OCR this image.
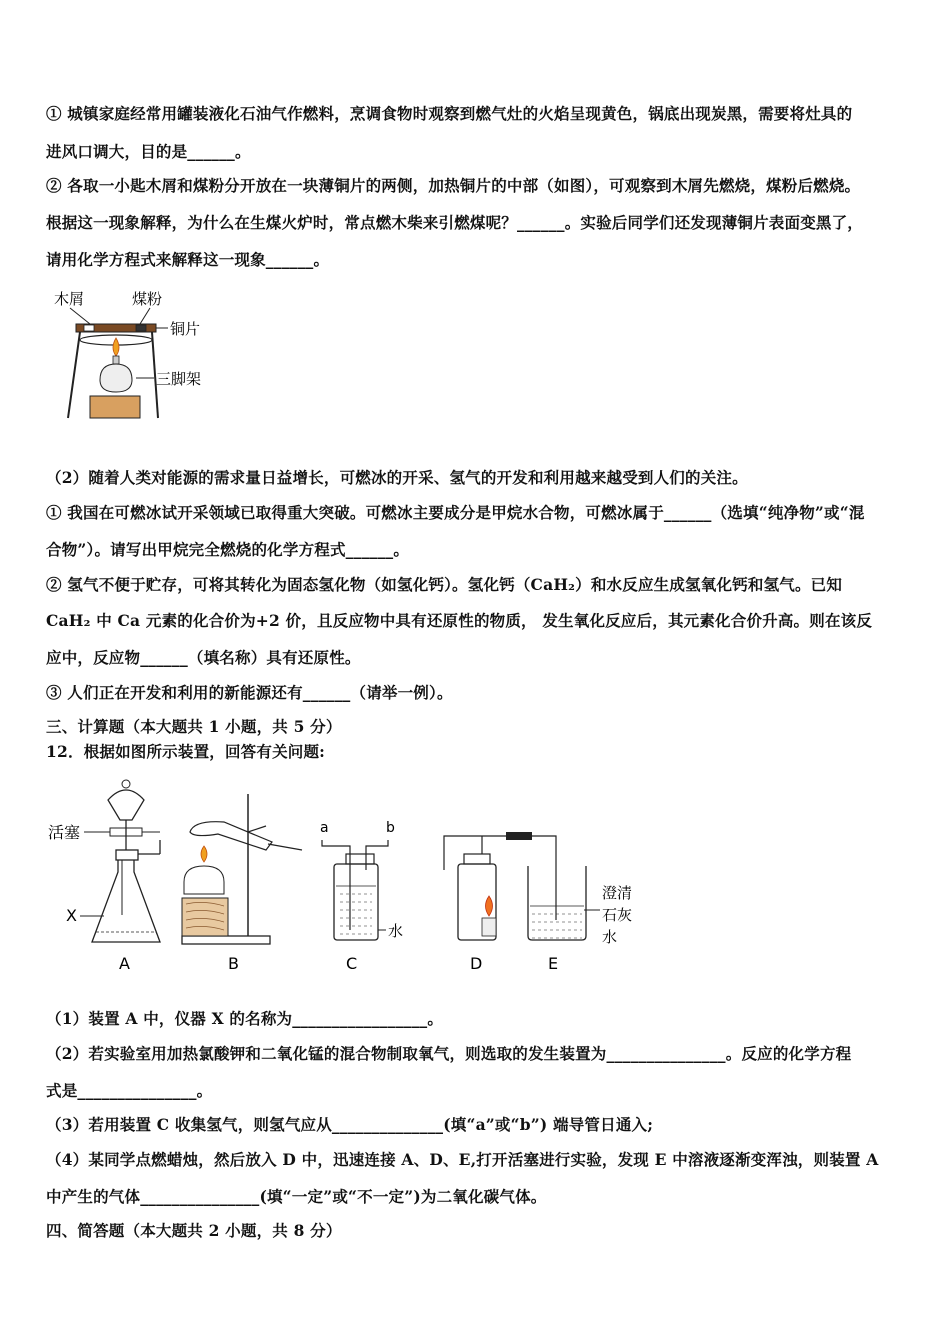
① 城镇家庭经常用罐装液化石油气作燃料，烹调食物时观察到燃气灶的火焰呈现黄色，锅底出现炭黑，需要将灶具的
进风口调大，目的是______。
② 各取一小匙木屑和煤粉分开放在一块薄铜片的两侧，加热铜片的中部（如图），可观察到木屑先燃烧，煤粉后燃烧。
根据这一现象解释，为什么在生煤火炉时，常点燃木柴来引燃煤呢？______。实验后同学们还发现薄铜片表面变黑了，
请用化学方程式来解释这一现象______。
木屑	煤粉
铜片
三脚架
（2）随着人类对能源的需求量日益增长，可燃冰的开采、氢气的开发和利用越来越受到人们的关注。
① 我国在可燃冰试开采领域已取得重大突破。可燃冰主要成分是甲烷水合物，可燃冰属于______（选填“纯净物”或“混
合物”）。请写出甲烷完全燃烧的化学方程式______。
② 氢气不便于贮存，可将其转化为固态氢化物（如氢化钙）。氢化钙（CaH₂）和水反应生成氢氧化钙和氢气。已知
CaH₂ 中 Ca 元素的化合价为+2 价，且反应物中具有还原性的物质， 发生氧化反应后，其元素化合价升高。则在该反
应中，反应物______（填名称）具有还原性。
③ 人们正在开发和利用的新能源还有______（请举一例）。
三、计算题（本大题共 1 小题，共 5 分）
12．根据如图所示装置，回答有关问题:
活塞
X
A	B
a	b
水
C	D
澄清
石灰
水
E
（1）装置 A 中，仪器 X 的名称为_________________。
（2）若实验室用加热氯酸钾和二氧化锰的混合物制取氧气，则选取的发生装置为_______________。反应的化学方程
式是_______________。
（3）若用装置 C 收集氢气，则氢气应从______________(填“a”或“b”) 端导管日通入;
（4）某同学点燃蜡烛，然后放入 D 中，迅速连接 A、D、E,打开活塞进行实验，发现 E 中溶液逐渐变浑浊，则装置 A
中产生的气体_______________(填“一定”或“不一定”)为二氧化碳气体。
四、简答题（本大题共 2 小题，共 8 分）
